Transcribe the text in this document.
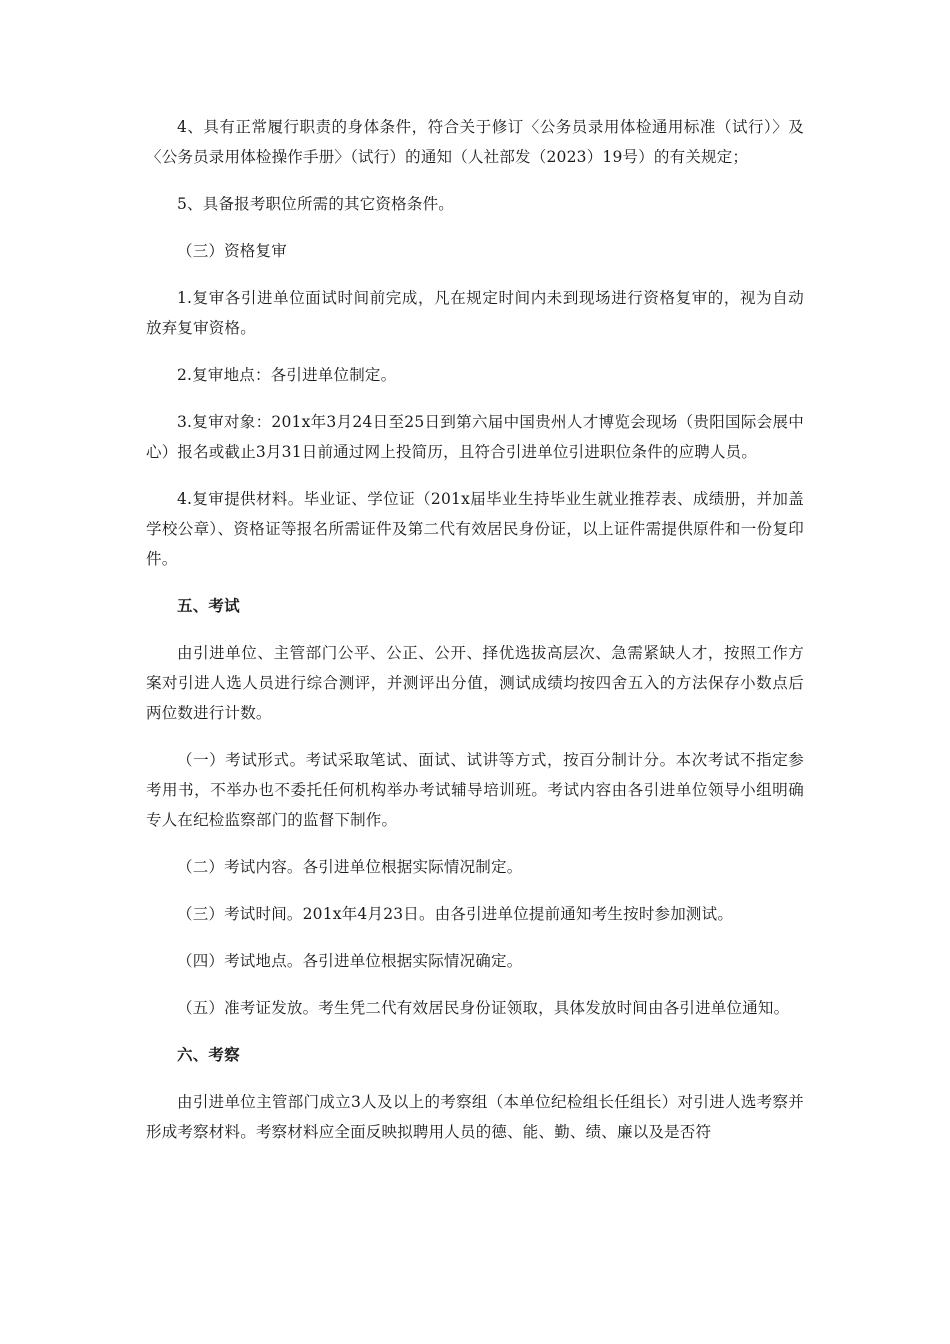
4、具有正常履行职责的身体条件，符合关于修订〈公务员录用体检通用标准（试行）〉及〈公务员录用体检操作手册〉（试行）的通知（人社部发（2023）19号）的有关规定；

5、具备报考职位所需的其它资格条件。

（三）资格复审

1.复审各引进单位面试时间前完成，凡在规定时间内未到现场进行资格复审的，视为自动放弃复审资格。

2.复审地点：各引进单位制定。

3.复审对象：201x年3月24日至25日到第六届中国贵州人才博览会现场（贵阳国际会展中心）报名或截止3月31日前通过网上投简历，且符合引进单位引进职位条件的应聘人员。

4.复审提供材料。毕业证、学位证（201x届毕业生持毕业生就业推荐表、成绩册，并加盖学校公章）、资格证等报名所需证件及第二代有效居民身份证，以上证件需提供原件和一份复印件。

五、考试

由引进单位、主管部门公平、公正、公开、择优选拔高层次、急需紧缺人才，按照工作方案对引进人选人员进行综合测评，并测评出分值，测试成绩均按四舍五入的方法保存小数点后两位数进行计数。

（一）考试形式。考试采取笔试、面试、试讲等方式，按百分制计分。本次考试不指定参考用书，不举办也不委托任何机构举办考试辅导培训班。考试内容由各引进单位领导小组明确专人在纪检监察部门的监督下制作。

（二）考试内容。各引进单位根据实际情况制定。

（三）考试时间。201x年4月23日。由各引进单位提前通知考生按时参加测试。

（四）考试地点。各引进单位根据实际情况确定。

（五）准考证发放。考生凭二代有效居民身份证领取，具体发放时间由各引进单位通知。

六、考察

由引进单位主管部门成立3人及以上的考察组（本单位纪检组长任组长）对引进人选考察并形成考察材料。考察材料应全面反映拟聘用人员的德、能、勤、绩、廉以及是否符
